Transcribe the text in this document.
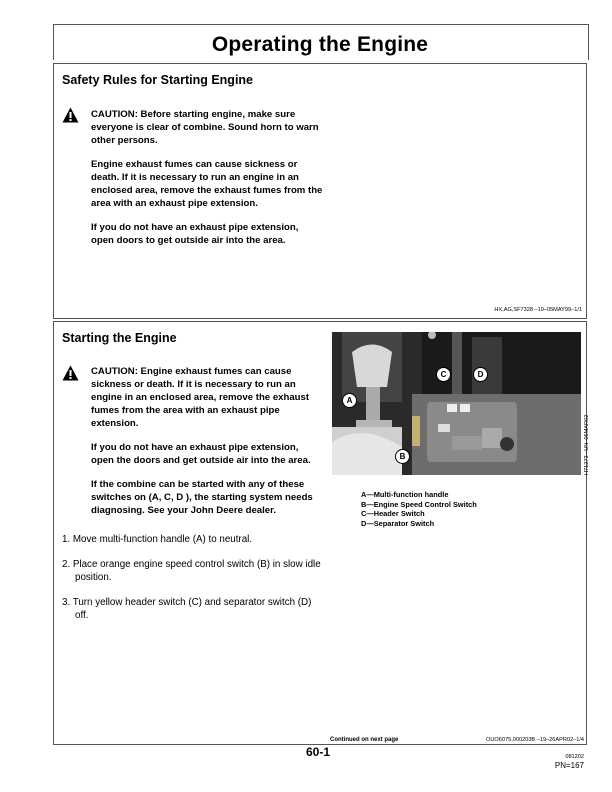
Operating the Engine
Safety Rules for Starting Engine

CAUTION: Before starting engine, make sure everyone is clear of combine. Sound horn to warn other persons.

Engine exhaust fumes can cause sickness or death. If it is necessary to run an engine in an enclosed area, remove the exhaust fumes from the area with an exhaust pipe extension.

If you do not have an exhaust pipe extension, open doors to get outside air into the area.

HX,AG,SF7328 –19–05MAY99–1/1
Starting the Engine

CAUTION: Engine exhaust fumes can cause sickness or death. If it is necessary to run an engine in an enclosed area, remove the exhaust fumes from the area with an exhaust pipe extension.

If you do not have an exhaust pipe extension, open the doors and get outside air into the area.

If the combine can be started with any of these switches on (A, C, D ), the starting system needs diagnosing. See your John Deere dealer.

1. Move multi-function handle (A) to neutral.

2. Place orange engine speed control switch (B) in slow idle position.

3. Turn yellow header switch (C) and separator switch (D) off.

A
B
C	D
H71273 –UN–05MAR02
A—Multi-function handle
B—Engine Speed Control Switch
C—Header Switch
D—Separator Switch
Continued on next page	OUO6075,000203B –19–26APR02–1/4
60-1	081202
PN=167
